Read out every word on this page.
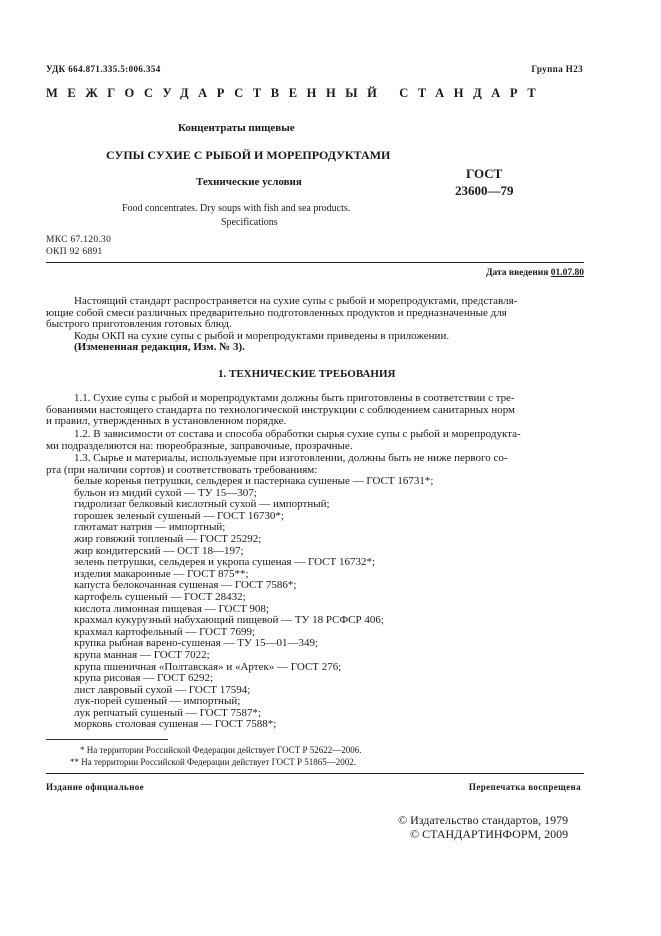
УДК 664.871.335.5:006.354	Группа Н23
МЕЖГОСУДАРСТВЕННЫЙ СТАНДАРТ
Концентраты пищевые
СУПЫ СУХИЕ С РЫБОЙ И МОРЕПРОДУКТАМИ
Технические условия
ГОСТ
23600—79
Food concentrates. Dry soups with fish and sea products.
Specifications
МКС 67.120.30
ОКП 92 6891
Дата введения 01.07.80
Настоящий стандарт распространяется на сухие супы с рыбой и морепродуктами, представля-
ющие собой смеси различных предварительно подготовленных продуктов и предназначенные для
быстрого приготовления готовых блюд.
Коды ОКП на сухие супы с рыбой и морепродуктами приведены в приложении.
(Измененная редакция, Изм. № 3).
1. ТЕХНИЧЕСКИЕ ТРЕБОВАНИЯ
1.1. Сухие супы с рыбой и морепродуктами должны быть приготовлены в соответствии с тре-
бованиями настоящего стандарта по технологической инструкции с соблюдением санитарных норм
и правил, утвержденных в установленном порядке.
1.2. В зависимости от состава и способа обработки сырья сухие супы с рыбой и морепродукта-
ми подразделяются на: пюреобразные, заправочные, прозрачные.
1.3. Сырье и материалы, используемые при изготовлении, должны быть не ниже первого со-
рта (при наличии сортов) и соответствовать требованиям:
белые коренья петрушки, сельдерея и пастернака сушеные — ГОСТ 16731*;
бульон из мидий сухой — ТУ 15—307;
гидролизат белковый кислотный сухой — импортный;
горошек зеленый сушеный — ГОСТ 16730*;
глютамат натрия — импортный;
жир говяжий топленый — ГОСТ 25292;
жир кондитерский — ОСТ 18—197;
зелень петрушки, сельдерея и укропа сушеная — ГОСТ 16732*;
изделия макаронные — ГОСТ 875**;
капуста белокочанная сушеная — ГОСТ 7586*;
картофель сушеный — ГОСТ 28432;
кислота лимонная пищевая — ГОСТ 908;
крахмал кукурузный набухающий пищевой — ТУ 18 РСФСР 406;
крахмал картофельный — ГОСТ 7699;
крупка рыбная варено-сушеная — ТУ 15—01—349;
крупа манная — ГОСТ 7022;
крупа пшеничная «Полтавская» и «Артек» — ГОСТ 276;
крупа рисовая — ГОСТ 6292;
лист лавровый сухой — ГОСТ 17594;
лук-порей сушеный — импортный;
лук репчатый сушеный — ГОСТ 7587*;
морковь столовая сушеная — ГОСТ 7588*;
* На территории Российской Федерации действует ГОСТ Р 52622—2006.
** На территории Российской Федерации действует ГОСТ Р 51865—2002.
Издание официальное	Перепечатка воспрещена
© Издательство стандартов, 1979
© СТАНДАРТИНФОРМ, 2009
